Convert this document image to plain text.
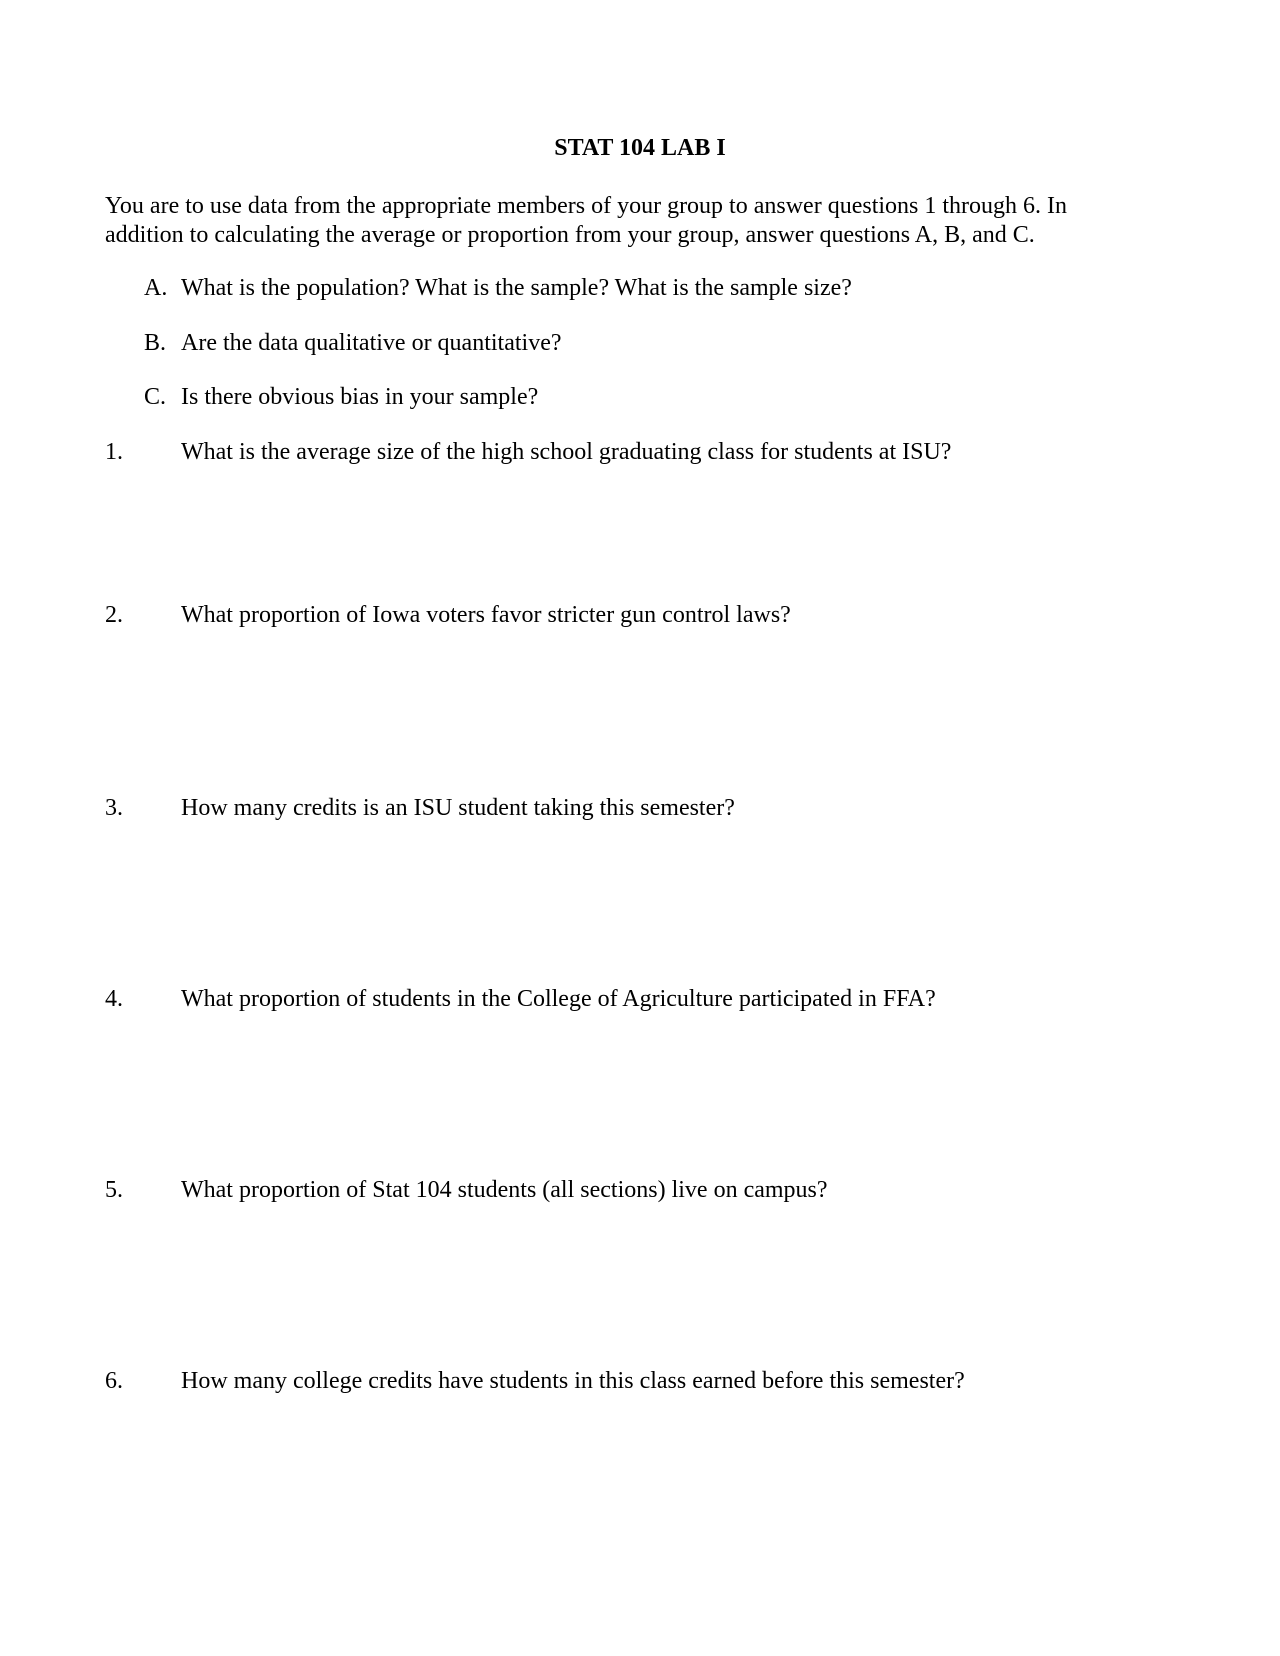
STAT 104 LAB I
You are to use data from the appropriate members of your group to answer questions 1 through 6. In
addition to calculating the average or proportion from your group, answer questions A, B, and C.
A. What is the population? What is the sample? What is the sample size?
B. Are the data qualitative or quantitative?
C. Is there obvious bias in your sample?
1. What is the average size of the high school graduating class for students at ISU?
2. What proportion of Iowa voters favor stricter gun control laws?
3. How many credits is an ISU student taking this semester?
4. What proportion of students in the College of Agriculture participated in FFA?
5. What proportion of Stat 104 students (all sections) live on campus?
6. How many college credits have students in this class earned before this semester?
